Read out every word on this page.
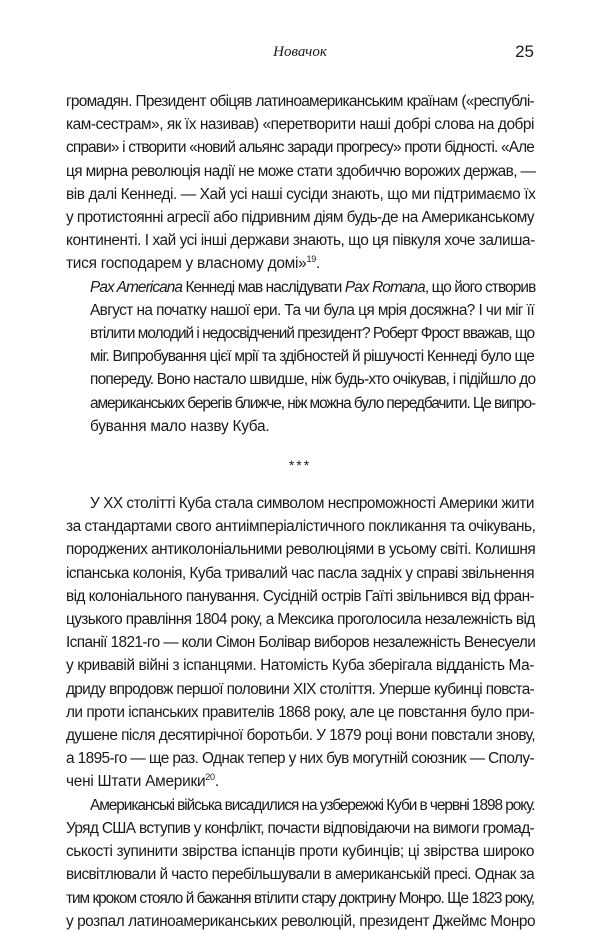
Новачок	25

громадян. Президент обіцяв латиноамериканським країнам («республі-
кам-сестрам», як їх називав) «перетворити наші добрі слова на добрі
справи» і створити «новий альянс заради прогресу» проти бідності. «Але
ця мирна революція надії не може стати здобиччю ворожих держав, —
вів далі Кеннеді. — Хай усі наші сусіди знають, що ми підтримаємо їх
у протистоянні агресії або підривним діям будь-де на Американському
континенті. І хай усі інші держави знають, що ця півкуля хоче залиша-
тися господарем у власному домі»$^{19}$.

Pax Americana Кеннеді мав наслідувати Pax Romana, що його створив
Август на початку нашої ери. Та чи була ця мрія досяжна? І чи міг її
втілити молодий і недосвідчений президент? Роберт Фрост вважав, що
міг. Випробування цієї мрії та здібностей й рішучості Кеннеді було ще
попереду. Воно настало швидше, ніж будь-хто очікував, і підійшло до
американських берегів ближче, ніж можна було передбачити. Це випро-
бування мало назву Куба.

***

У XX столітті Куба стала символом неспроможності Америки жити
за стандартами свого антиімперіалістичного покликання та очікувань,
породжених антиколоніальними революціями в усьому світі. Колишня
іспанська колонія, Куба тривалий час пасла задніх у справі звільнення
від колоніального панування. Сусідній острів Гаїті звільнився від фран-
цузького правління 1804 року, а Мексика проголосила незалежність від
Іспанії 1821-го — коли Сімон Болівар виборов незалежність Венесуели
у кривавій війні з іспанцями. Натомість Куба зберігала відданість Ма-
дриду впродовж першої половини XIX століття. Уперше кубинці повста-
ли проти іспанських правителів 1868 року, але це повстання було при-
душене після десятирічної боротьби. У 1879 році вони повстали знову,
а 1895-го — ще раз. Однак тепер у них був могутній союзник — Сполу-
чені Штати Америки$^{20}$.

Американські війська висадилися на узбережжі Куби в червні 1898 року.
Уряд США вступив у конфлікт, почасти відповідаючи на вимоги громад-
ськості зупинити звірства іспанців проти кубинців; ці звірства широко
висвітлювали й часто перебільшували в американській пресі. Однак за
тим кроком стояло й бажання втілити стару доктрину Монро. Ще 1823 року,
у розпал латиноамериканських революцій, президент Джеймс Монро
